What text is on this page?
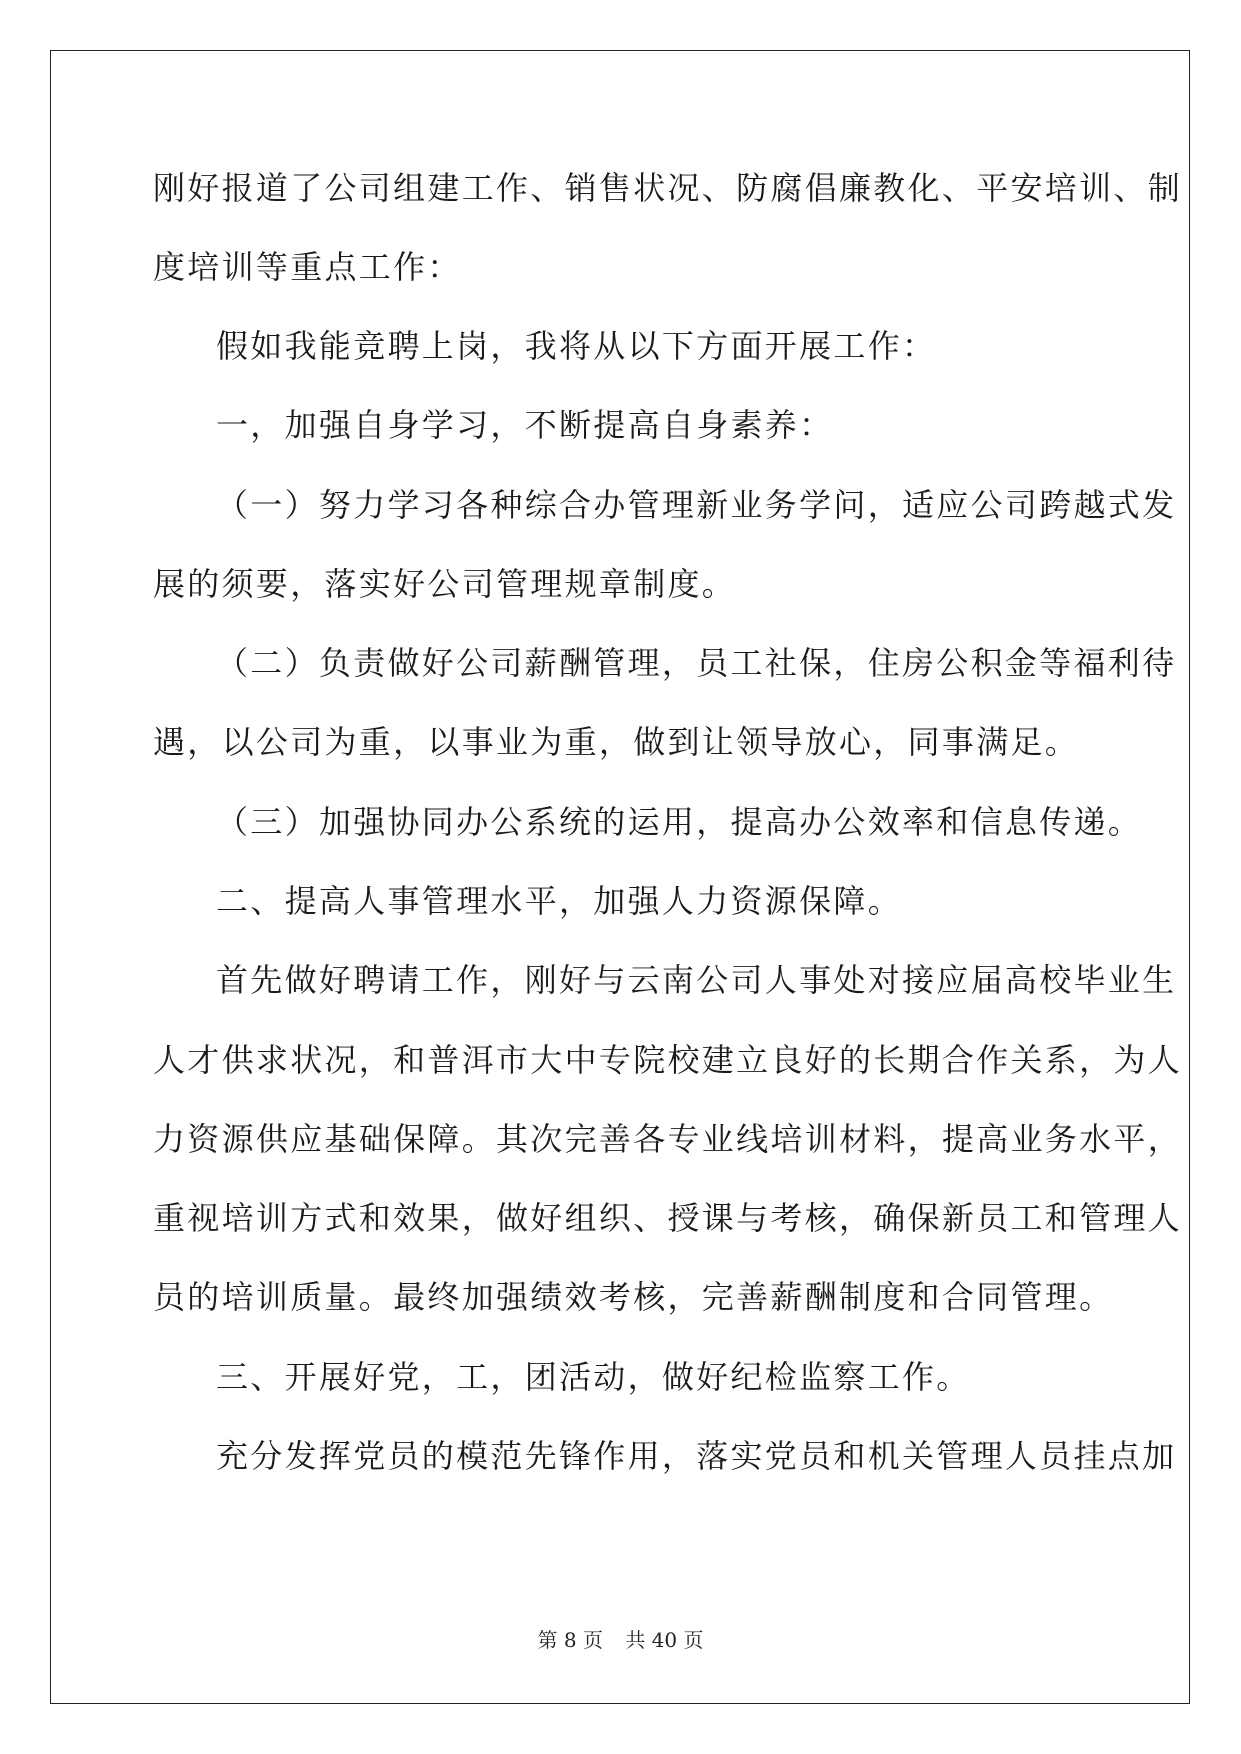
刚好报道了公司组建工作、销售状况、防腐倡廉教化、平安培训、制
度培训等重点工作：
假如我能竞聘上岗，我将从以下方面开展工作：
一，加强自身学习，不断提高自身素养：
（一）努力学习各种综合办管理新业务学问，适应公司跨越式发
展的须要，落实好公司管理规章制度。
（二）负责做好公司薪酬管理，员工社保，住房公积金等福利待
遇，以公司为重，以事业为重，做到让领导放心，同事满足。
（三）加强协同办公系统的运用，提高办公效率和信息传递。
二、提高人事管理水平，加强人力资源保障。
首先做好聘请工作，刚好与云南公司人事处对接应届高校毕业生
人才供求状况，和普洱市大中专院校建立良好的长期合作关系，为人
力资源供应基础保障。其次完善各专业线培训材料，提高业务水平，
重视培训方式和效果，做好组织、授课与考核，确保新员工和管理人
员的培训质量。最终加强绩效考核，完善薪酬制度和合同管理。
三、开展好党，工，团活动，做好纪检监察工作。
充分发挥党员的模范先锋作用，落实党员和机关管理人员挂点加
第 8 页 共 40 页
